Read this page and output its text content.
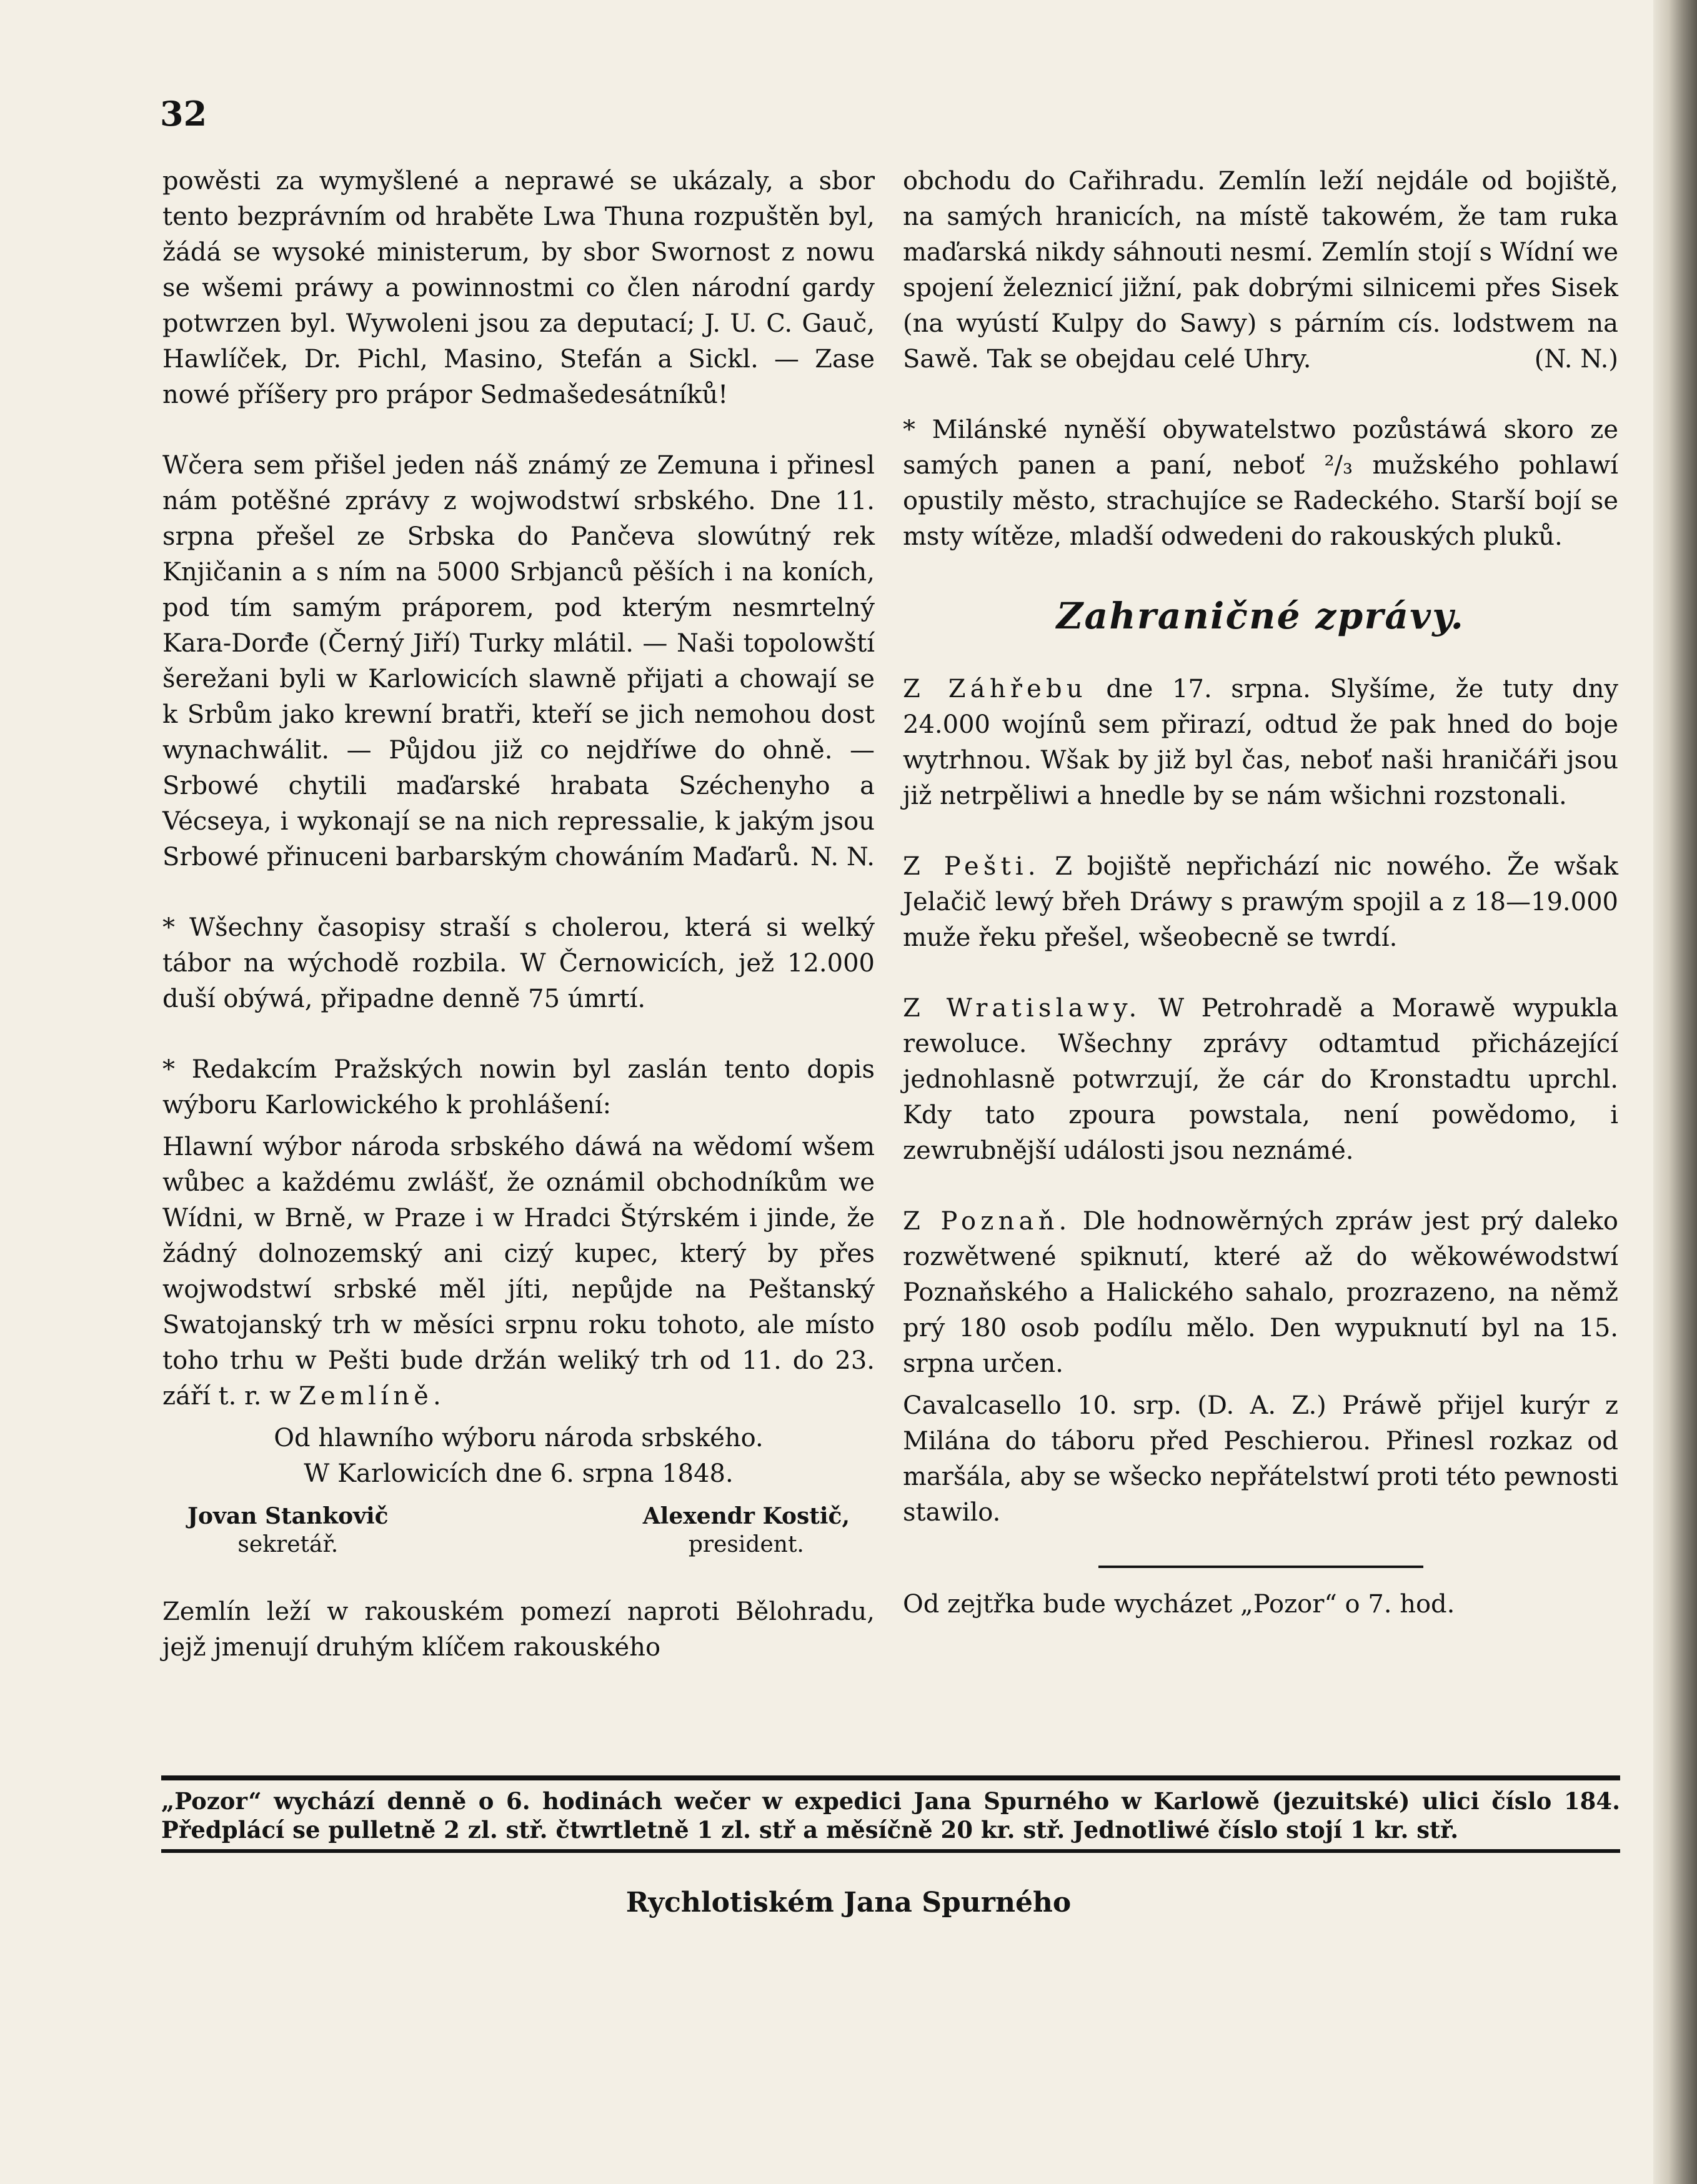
32

powěsti za wymyšlené a neprawé se ukázaly, a sbor tento bezprávním od hraběte Lwa Thuna rozpuštěn byl, žádá se wysoké ministerum, by sbor Swornost z nowu se wšemi práwy a powinnostmi co člen národní gardy potwrzen byl. Wywoleni jsou za deputací; J. U. C. Gauč, Hawlíček, Dr. Pichl, Masino, Stefán a Sickl. — Zase nowé příšery pro prápor Sedmašedesátníků!

Wčera sem přišel jeden náš známý ze Zemuna i přinesl nám potěšné zprávy z wojwodstwí srbského. Dne 11. srpna přešel ze Srbska do Pančeva slowútný rek Knjičanin a s ním na 5000 Srbjanců pěších i na koních, pod tím samým práporem, pod kterým nesmrtelný Kara-Dorđe (Černý Jiří) Turky mlátil. — Naši topolowští šerežani byli w Karlowicích slawně přijati a chowají se k Srbům jako krewní bratři, kteří se jich nemohou dost wynachwálit. — Půjdou již co nejdříwe do ohně. — Srbowé chytili maďarské hrabata Széchenyho a Vécseya, i wykonají se na nich repressalie, k jakým jsou Srbowé přinuceni barbarským chowáním Maďarů. N. N.

* Wšechny časopisy straší s cholerou, která si welký tábor na wýchodě rozbila. W Černowicích, jež 12.000 duší obýwá, připadne denně 75 úmrtí.

* Redakcím Pražských nowin byl zaslán tento dopis wýboru Karlowického k prohlášení:

Hlawní wýbor národa srbského dáwá na wědomí wšem wůbec a každému zwlášť, že oznámil obchodníkům we Wídni, w Brně, w Praze i w Hradci Štýrském i jinde, že žádný dolnozemský ani cizý kupec, který by přes wojwodstwí srbské měl jíti, nepůjde na Peštanský Swatojanský trh w měsíci srpnu roku tohoto, ale místo toho trhu w Pešti bude držán weliký trh od 11. do 23. září t. r. w Zemlíně.

Od hlawního wýboru národa srbského.

W Karlowicích dne 6. srpna 1848.

Jovan Stankovič
sekretář.
Alexendr Kostič,
president.

Zemlín leží w rakouském pomezí naproti Bělohradu, jejž jmenují druhým klíčem rakouského

obchodu do Cařihradu. Zemlín leží nejdále od bojiště, na samých hranicích, na místě takowém, že tam ruka maďarská nikdy sáhnouti nesmí. Zemlín stojí s Wídní we spojení železnicí jižní, pak dobrými silnicemi přes Sisek (na wyústí Kulpy do Sawy) s párním cís. lodstwem na Sawě. Tak se obejdau celé Uhry.	(N. N.)

* Milánské nyněší obywatelstwo pozůstáwá skoro ze samých panen a paní, neboť ²/₃ mužského pohlawí opustily město, strachujíce se Radeckého. Starší bojí se msty wítěze, mladší odwedeni do rakouských pluků.

Zahraničné zprávy.

Z Záhřebu dne 17. srpna. Slyšíme, že tuty dny 24.000 wojínů sem přirazí, odtud že pak hned do boje wytrhnou. Wšak by již byl čas, neboť naši hraničáři jsou již netrpěliwi a hnedle by se nám wšichni rozstonali.

Z Pešti. Z bojiště nepřichází nic nowého. Že wšak Jelačič lewý břeh Dráwy s prawým spojil a z 18—19.000 muže řeku přešel, wšeobecně se twrdí.

Z Wratislawy. W Petrohradě a Morawě wypukla rewoluce. Wšechny zprávy odtamtud přicházející jednohlasně potwrzují, že cár do Kronstadtu uprchl. Kdy tato zpoura powstala, není powědomo, i zewrubnější události jsou neznámé.

Z Poznaň. Dle hodnowěrných zpráw jest prý daleko rozwětwené spiknutí, které až do wěkowéwodstwí Poznaňského a Halického sahalo, prozrazeno, na němž prý 180 osob podílu mělo. Den wypuknutí byl na 15. srpna určen.

Cavalcasello 10. srp. (D. A. Z.) Práwě přijel kurýr z Milána do táboru před Peschierou. Přinesl rozkaz od maršála, aby se wšecko nepřátelstwí proti této pewnosti stawilo.

Od zejtřka bude wycházet „Pozor“ o 7. hod.

„Pozor“ wychází denně o 6. hodinách wečer w expedici Jana Spurného w Karlowě (jezuitské) ulici číslo 184. Předplácí se pulletně 2 zl. stř. čtwrtletně 1 zl. stř a měsíčně 20 kr. stř. Jednotliwé číslo stojí 1 kr. stř.

Rychlotiském Jana Spurného
